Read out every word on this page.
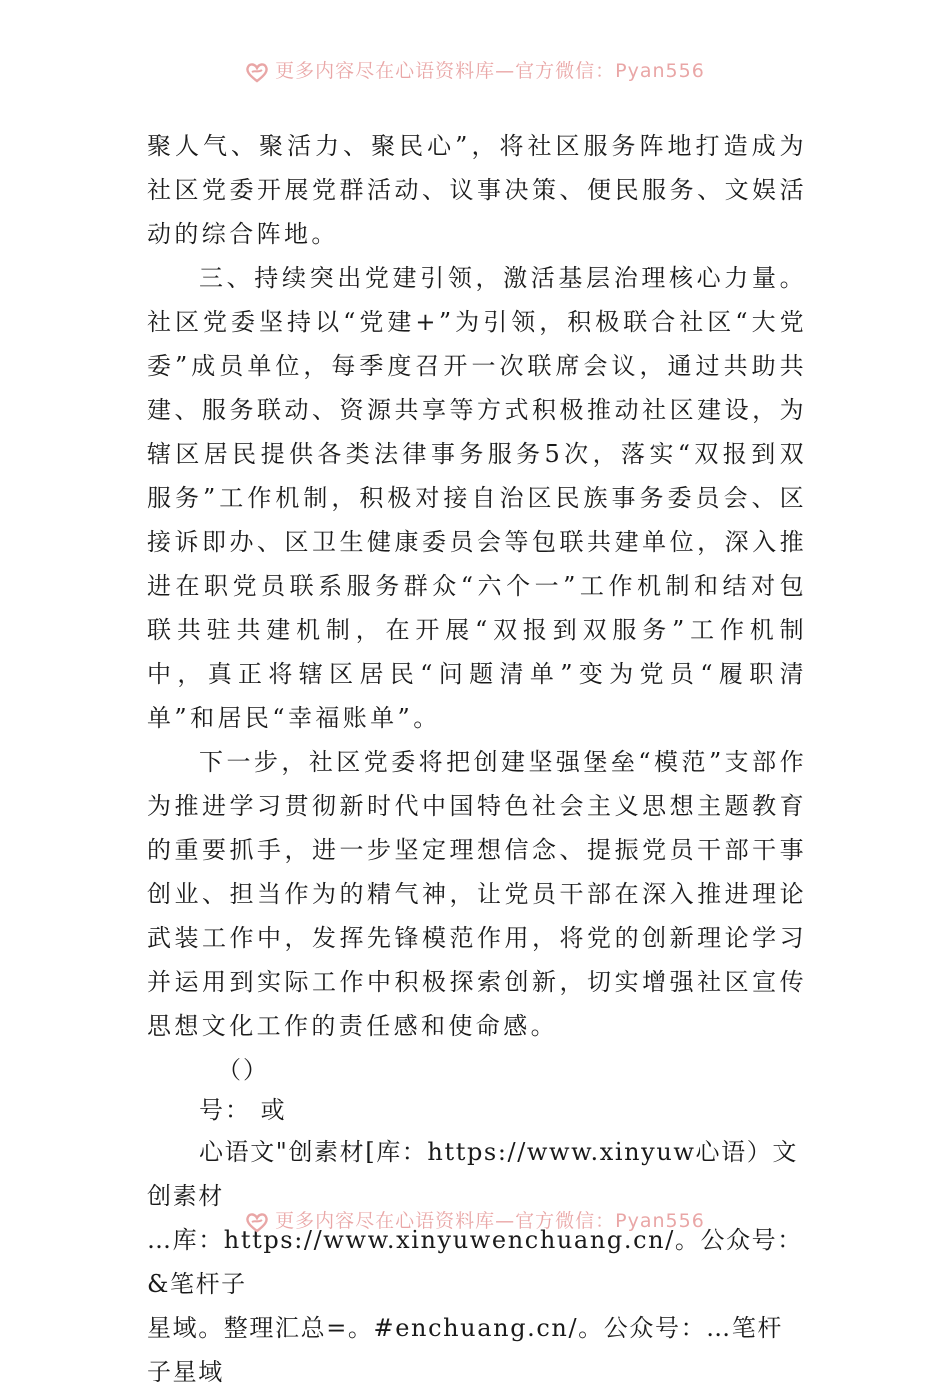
更多内容尽在心语资料库—官方微信：Pyan556

聚人气、聚活力、聚民心”，将社区服务阵地打造成为社区党委开展党群活动、议事决策、便民服务、文娱活动的综合阵地。

三、持续突出党建引领，激活基层治理核心力量。社区党委坚持以“党建+”为引领，积极联合社区“大党委”成员单位，每季度召开一次联席会议，通过共助共建、服务联动、资源共享等方式积极推动社区建设，为辖区居民提供各类法律事务服务5次，落实“双报到双服务”工作机制，积极对接自治区民族事务委员会、区接诉即办、区卫生健康委员会等包联共建单位，深入推进在职党员联系服务群众“六个一”工作机制和结对包联共驻共建机制，在开展“双报到双服务”工作机制中，真正将辖区居民“问题清单”变为党员“履职清单”和居民“幸福账单”。

下一步，社区党委将把创建坚强堡垒“模范”支部作为推进学习贯彻新时代中国特色社会主义思想主题教育的重要抓手，进一步坚定理想信念、提振党员干部干事创业、担当作为的精气神，让党员干部在深入推进理论武装工作中，发挥先锋模范作用，将党的创新理论学习并运用到实际工作中积极探索创新，切实增强社区宣传思想文化工作的责任感和使命感。

（）

号： 或

心语文"创素材[库：https://www.xinyuw心语）文创素材

…库：https://www.xinyuwenchuang.cn/。公众号：&笔杆子

星域。整理汇总=。#enchuang.cn/。公众号：…笔杆子星域

更多内容尽在心语资料库—官方微信：Pyan556
